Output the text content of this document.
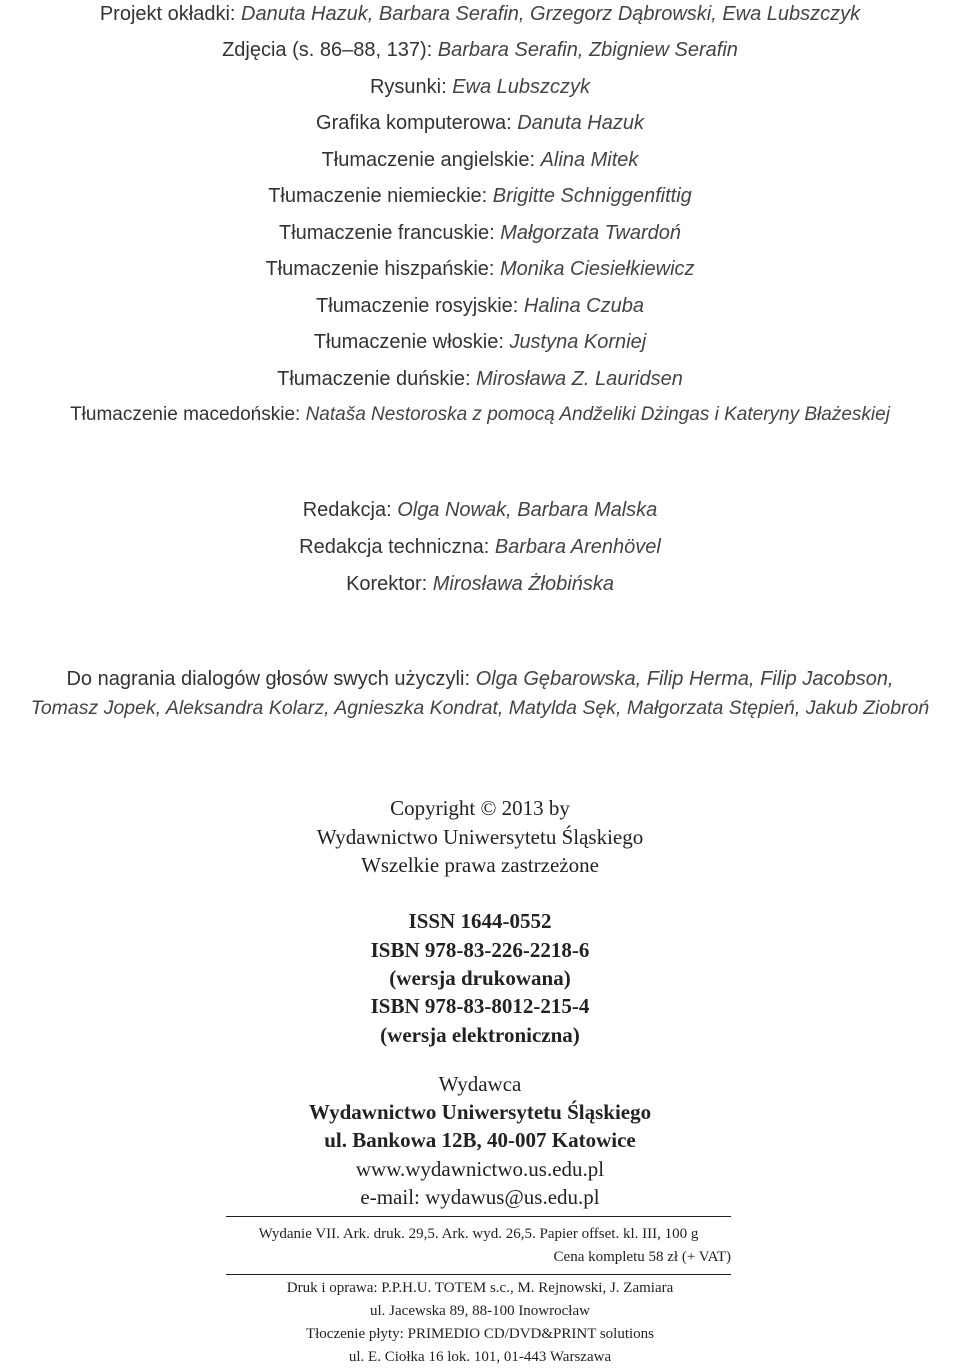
Projekt okładki: Danuta Hazuk, Barbara Serafin, Grzegorz Dąbrowski, Ewa Lubszczyk
Zdjęcia (s. 86–88, 137): Barbara Serafin, Zbigniew Serafin
Rysunki: Ewa Lubszczyk
Grafika komputerowa: Danuta Hazuk
Tłumaczenie angielskie: Alina Mitek
Tłumaczenie niemieckie: Brigitte Schniggenfittig
Tłumaczenie francuskie: Małgorzata Twardoń
Tłumaczenie hiszpańskie: Monika Ciesiełkiewicz
Tłumaczenie rosyjskie: Halina Czuba
Tłumaczenie włoskie: Justyna Korniej
Tłumaczenie duńskie: Mirosława Z. Lauridsen
Tłumaczenie macedońskie: Nataša Nestoroska z pomocą Andželiki Dżingas i Kateryny Błażeskiej
Redakcja: Olga Nowak, Barbara Malska
Redakcja techniczna: Barbara Arenhövel
Korektor: Mirosława Żłobińska
Do nagrania dialogów głosów swych użyczyli: Olga Gębarowska, Filip Herma, Filip Jacobson,
Tomasz Jopek, Aleksandra Kolarz, Agnieszka Kondrat, Matylda Sęk, Małgorzata Stępień, Jakub Ziobroń
Copyright © 2013 by
Wydawnictwo Uniwersytetu Śląskiego
Wszelkie prawa zastrzeżone
ISSN 1644-0552
ISBN 978-83-226-2218-6
(wersja drukowana)
ISBN 978-83-8012-215-4
(wersja elektroniczna)
Wydawca
Wydawnictwo Uniwersytetu Śląskiego
ul. Bankowa 12B, 40-007 Katowice
www.wydawnictwo.us.edu.pl
e-mail: wydawus@us.edu.pl
Wydanie VII. Ark. druk. 29,5. Ark. wyd. 26,5. Papier offset. kl. III, 100 g
Cena kompletu 58 zł (+ VAT)
Druk i oprawa: P.P.H.U. TOTEM s.c., M. Rejnowski, J. Zamiara
ul. Jacewska 89, 88-100 Inowrocław
Tłoczenie płyty: PRIMEDIO CD/DVD&PRINT solutions
ul. E. Ciołka 16 lok. 101, 01-443 Warszawa
